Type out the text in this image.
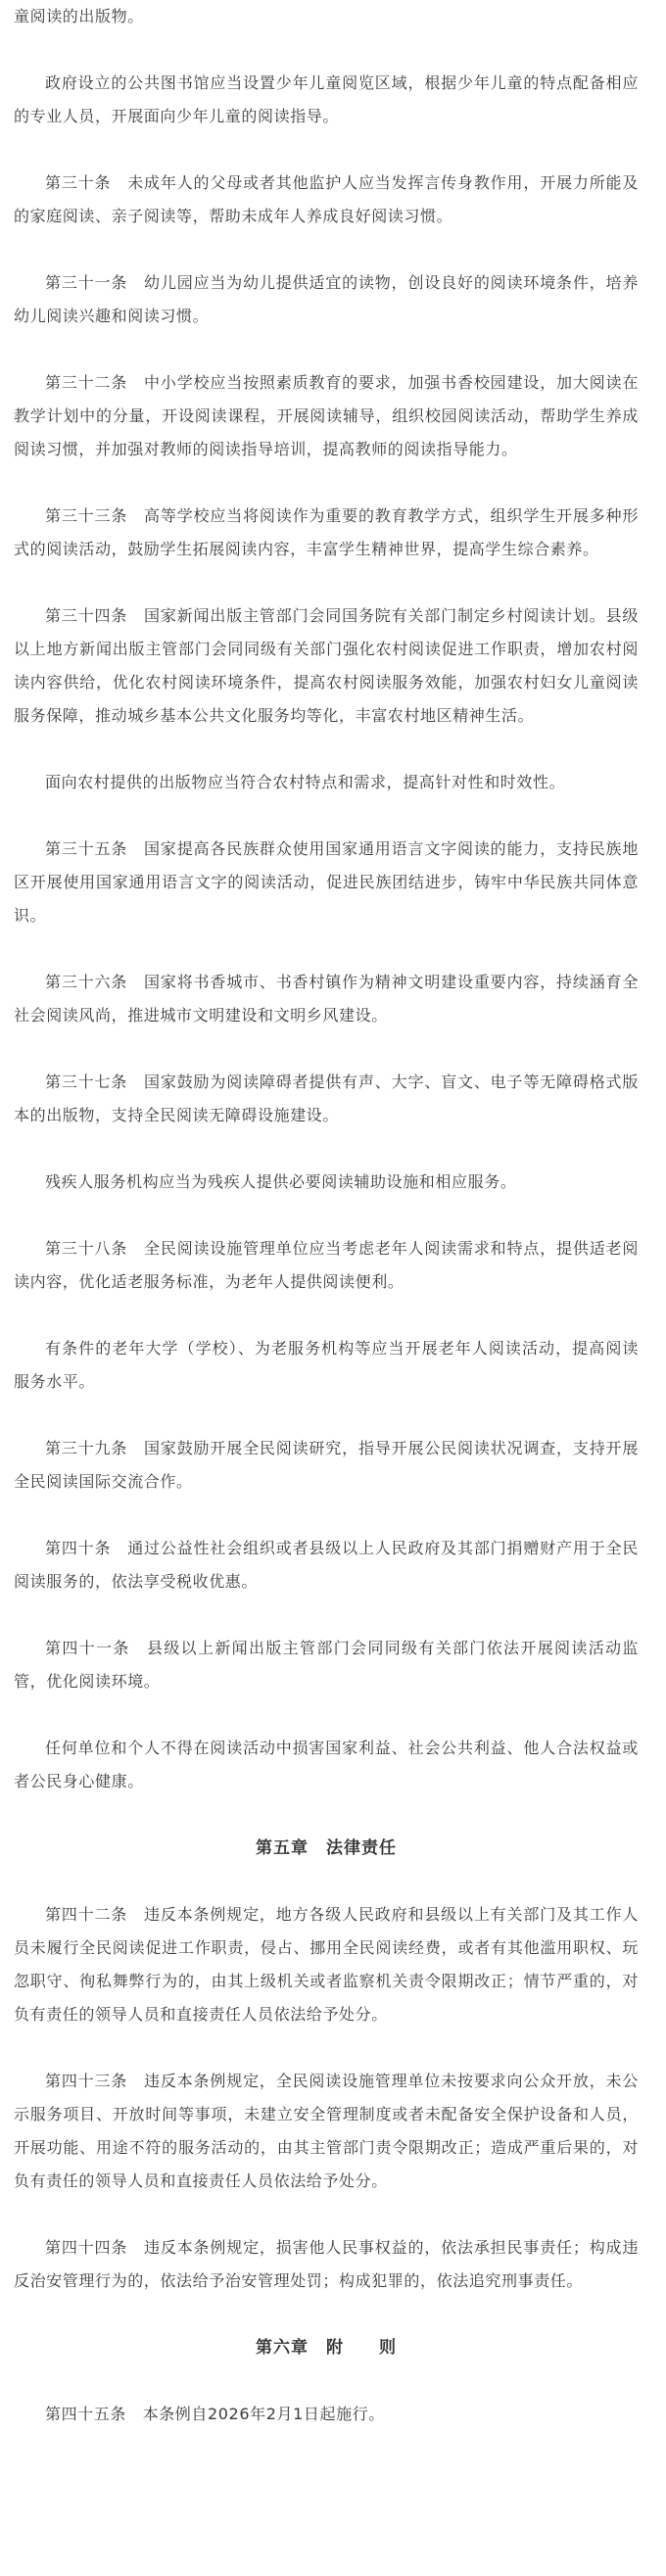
童阅读的出版物。

政府设立的公共图书馆应当设置少年儿童阅览区域，根据少年儿童的特点配备相应的专业人员，开展面向少年儿童的阅读指导。

第三十条　未成年人的父母或者其他监护人应当发挥言传身教作用，开展力所能及的家庭阅读、亲子阅读等，帮助未成年人养成良好阅读习惯。

第三十一条　幼儿园应当为幼儿提供适宜的读物，创设良好的阅读环境条件，培养幼儿阅读兴趣和阅读习惯。

第三十二条　中小学校应当按照素质教育的要求，加强书香校园建设，加大阅读在教学计划中的分量，开设阅读课程，开展阅读辅导，组织校园阅读活动，帮助学生养成阅读习惯，并加强对教师的阅读指导培训，提高教师的阅读指导能力。

第三十三条　高等学校应当将阅读作为重要的教育教学方式，组织学生开展多种形式的阅读活动，鼓励学生拓展阅读内容，丰富学生精神世界，提高学生综合素养。

第三十四条　国家新闻出版主管部门会同国务院有关部门制定乡村阅读计划。县级以上地方新闻出版主管部门会同同级有关部门强化农村阅读促进工作职责，增加农村阅读内容供给，优化农村阅读环境条件，提高农村阅读服务效能，加强农村妇女儿童阅读服务保障，推动城乡基本公共文化服务均等化，丰富农村地区精神生活。

面向农村提供的出版物应当符合农村特点和需求，提高针对性和时效性。

第三十五条　国家提高各民族群众使用国家通用语言文字阅读的能力，支持民族地区开展使用国家通用语言文字的阅读活动，促进民族团结进步，铸牢中华民族共同体意识。

第三十六条　国家将书香城市、书香村镇作为精神文明建设重要内容，持续涵育全社会阅读风尚，推进城市文明建设和文明乡风建设。

第三十七条　国家鼓励为阅读障碍者提供有声、大字、盲文、电子等无障碍格式版本的出版物，支持全民阅读无障碍设施建设。

残疾人服务机构应当为残疾人提供必要阅读辅助设施和相应服务。

第三十八条　全民阅读设施管理单位应当考虑老年人阅读需求和特点，提供适老阅读内容，优化适老服务标准，为老年人提供阅读便利。

有条件的老年大学（学校）、为老服务机构等应当开展老年人阅读活动，提高阅读服务水平。

第三十九条　国家鼓励开展全民阅读研究，指导开展公民阅读状况调查，支持开展全民阅读国际交流合作。

第四十条　通过公益性社会组织或者县级以上人民政府及其部门捐赠财产用于全民阅读服务的，依法享受税收优惠。

第四十一条　县级以上新闻出版主管部门会同同级有关部门依法开展阅读活动监管，优化阅读环境。

任何单位和个人不得在阅读活动中损害国家利益、社会公共利益、他人合法权益或者公民身心健康。

第五章　法律责任

第四十二条　违反本条例规定，地方各级人民政府和县级以上有关部门及其工作人员未履行全民阅读促进工作职责，侵占、挪用全民阅读经费，或者有其他滥用职权、玩忽职守、徇私舞弊行为的，由其上级机关或者监察机关责令限期改正；情节严重的，对负有责任的领导人员和直接责任人员依法给予处分。

第四十三条　违反本条例规定，全民阅读设施管理单位未按要求向公众开放，未公示服务项目、开放时间等事项，未建立安全管理制度或者未配备安全保护设备和人员，开展功能、用途不符的服务活动的，由其主管部门责令限期改正；造成严重后果的，对负有责任的领导人员和直接责任人员依法给予处分。

第四十四条　违反本条例规定，损害他人民事权益的，依法承担民事责任；构成违反治安管理行为的，依法给予治安管理处罚；构成犯罪的，依法追究刑事责任。

第六章　附　　则

第四十五条　本条例自2026年2月1日起施行。
